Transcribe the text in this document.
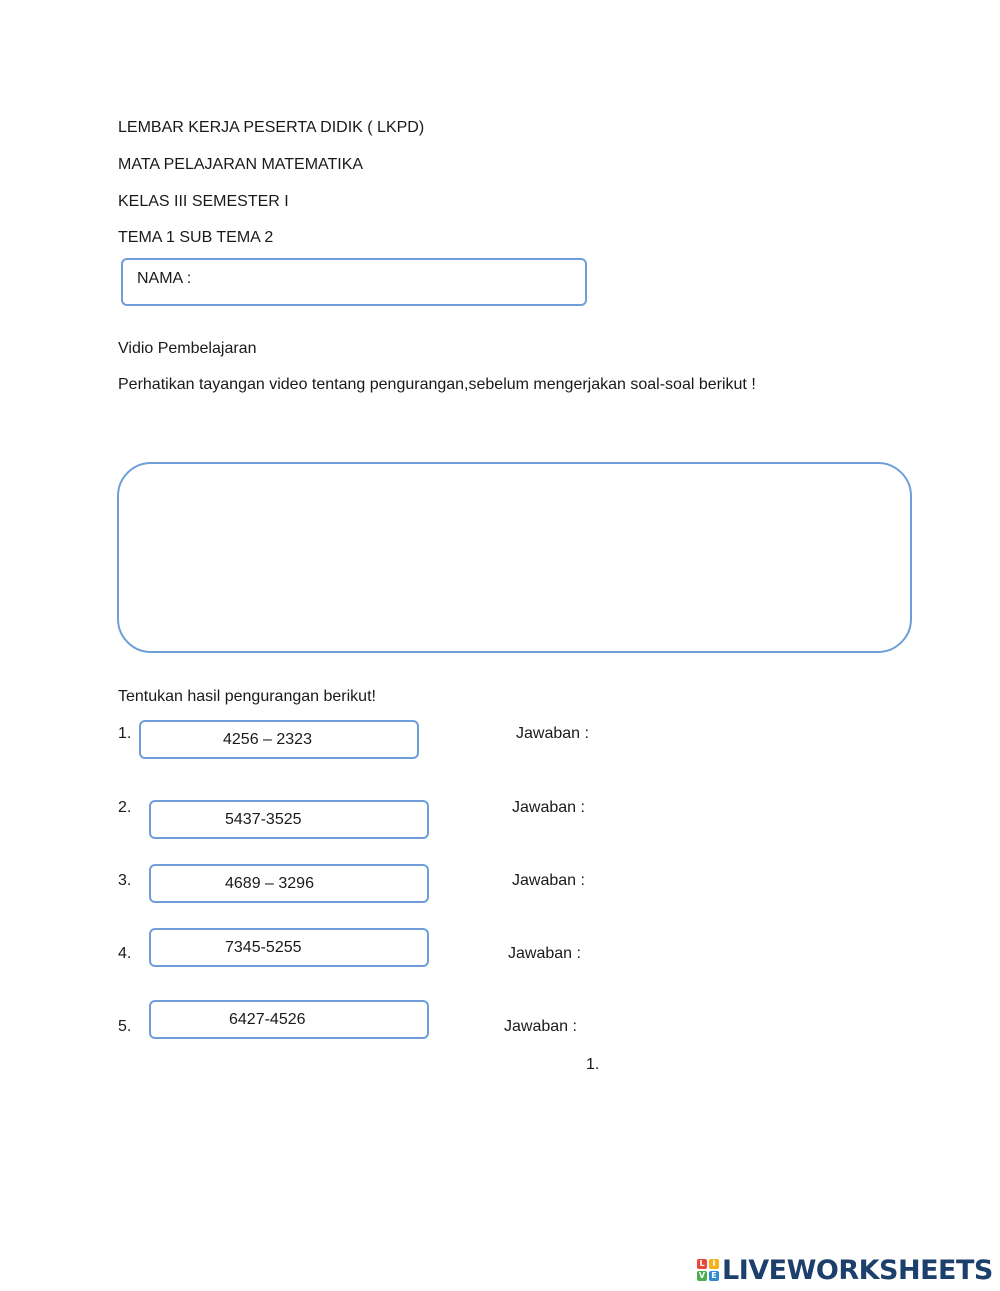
LEMBAR KERJA PESERTA DIDIK ( LKPD)
MATA PELAJARAN MATEMATIKA
KELAS III SEMESTER I
TEMA 1 SUB TEMA 2
NAMA :
Vidio Pembelajaran
Perhatikan tayangan video tentang pengurangan,sebelum mengerjakan soal-soal berikut !
Tentukan hasil pengurangan berikut!
1.	4256 – 2323	Jawaban :
2.
5437-3525
Jawaban :
3.	4689 – 3296	Jawaban :
4.	7345-5255	Jawaban :
5.	6427-4526	Jawaban :
1.
L I
V E LIVEWORKSHEETS
